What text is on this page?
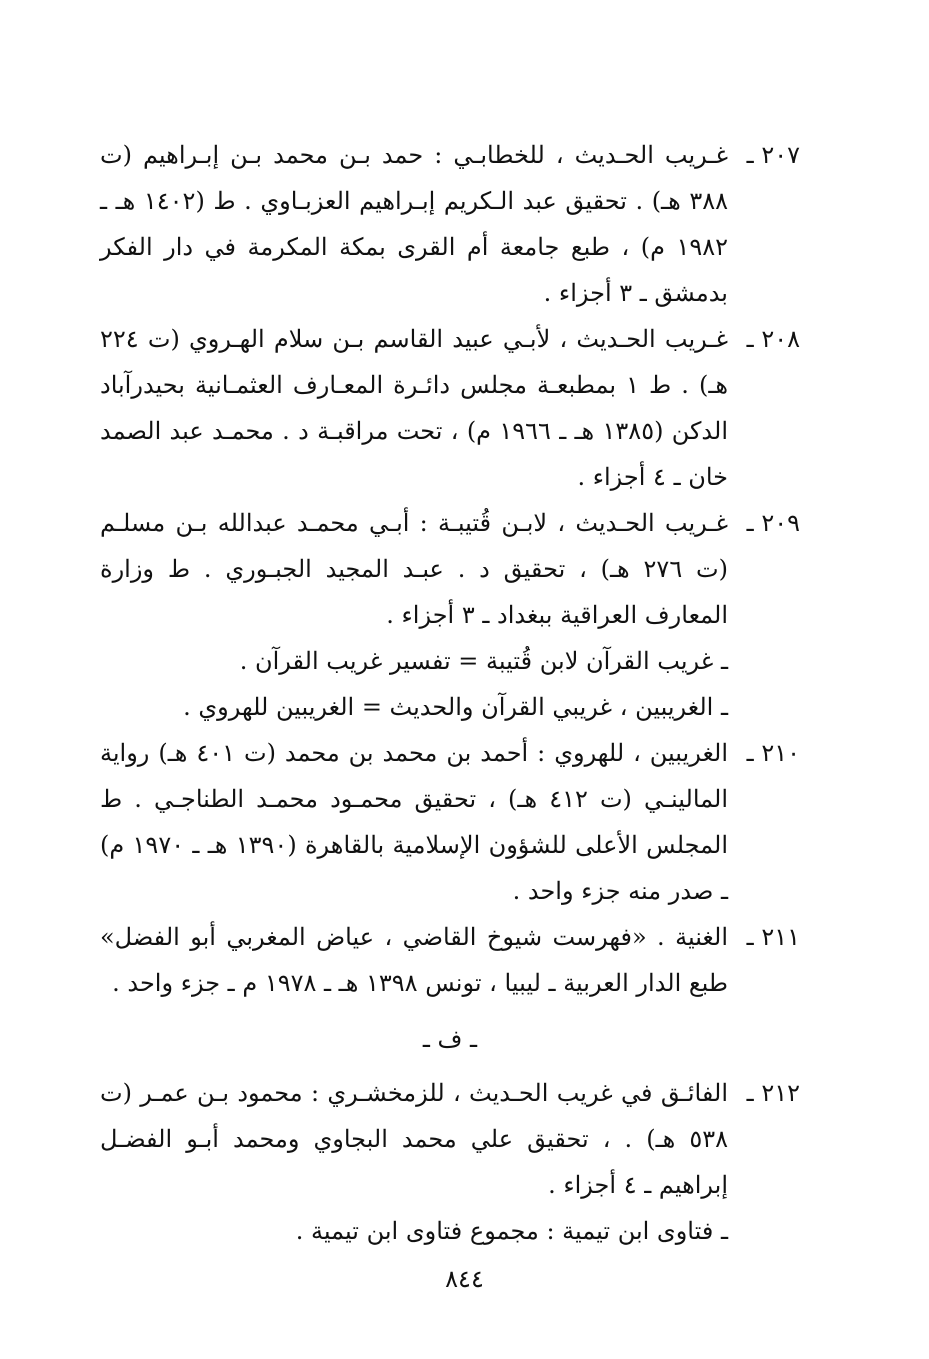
٢٠٧ ـ
غـريب الحـديث ، للخطابـي : حمد بـن محمد بـن إبـراهيم (ت ٣٨٨ هـ) . تحقيق عبد الـكريم إبـراهيم العزبـاوي . ط (١٤٠٢ هـ ـ ١٩٨٢ م) ، طبع جامعة أم القرى بمكة المكرمة في دار الفكر بدمشق ـ ٣ أجزاء .
٢٠٨ ـ
غـريب الحـديث ، لأبـي عبيد القاسم بـن سلام الهـروي (ت ٢٢٤ هـ) . ط ١ بمطبعـة مجلس دائـرة المعـارف العثمـانية بحيدرآباد الدكن (١٣٨٥ هـ ـ ١٩٦٦ م) ، تحت مراقبـة د . محمـد عبد الصمد خان ـ ٤ أجزاء .
٢٠٩ ـ
غـريب الحـديث ، لابـن قُتيبـة : أبـي محمـد عبدالله بـن مسلـم (ت ٢٧٦ هـ) ، تحقيق د . عبـد المجيد الجبـوري . ط وزارة المعارف العراقية ببغداد ـ ٣ أجزاء .
ـ غريب القرآن لابن قُتيبة = تفسير غريب القرآن .
ـ الغريبين ، غريبي القرآن والحديث = الغريبين للهروي .
٢١٠ ـ
الغريبين ، للهروي : أحمد بن محمد بن محمد (ت ٤٠١ هـ) رواية المالينـي (ت ٤١٢ هـ) ، تحقيق محمـود محمـد الطناجـي . ط المجلس الأعلى للشؤون الإسلامية بالقاهرة (١٣٩٠ هـ ـ ١٩٧٠ م) ـ صدر منه جزء واحد .
٢١١ ـ
الغنية . «فهرست شيوخ القاضي ، عياض المغربي أبو الفضل» طبع الدار العربية ـ ليبيا ، تونس ١٣٩٨ هـ ـ ١٩٧٨ م ـ جزء واحد .
ـ ف ـ
٢١٢ ـ
الفائـق في غريب الحـديث ، للزمخشـري : محمود بـن عمـر (ت ٥٣٨ هـ) . ، تحقيق علي محمد البجاوي ومحمد أبـو الفضـل إبراهيم ـ ٤ أجزاء .
ـ فتاوى ابن تيمية : مجموع فتاوى ابن تيمية .
٨٤٤
